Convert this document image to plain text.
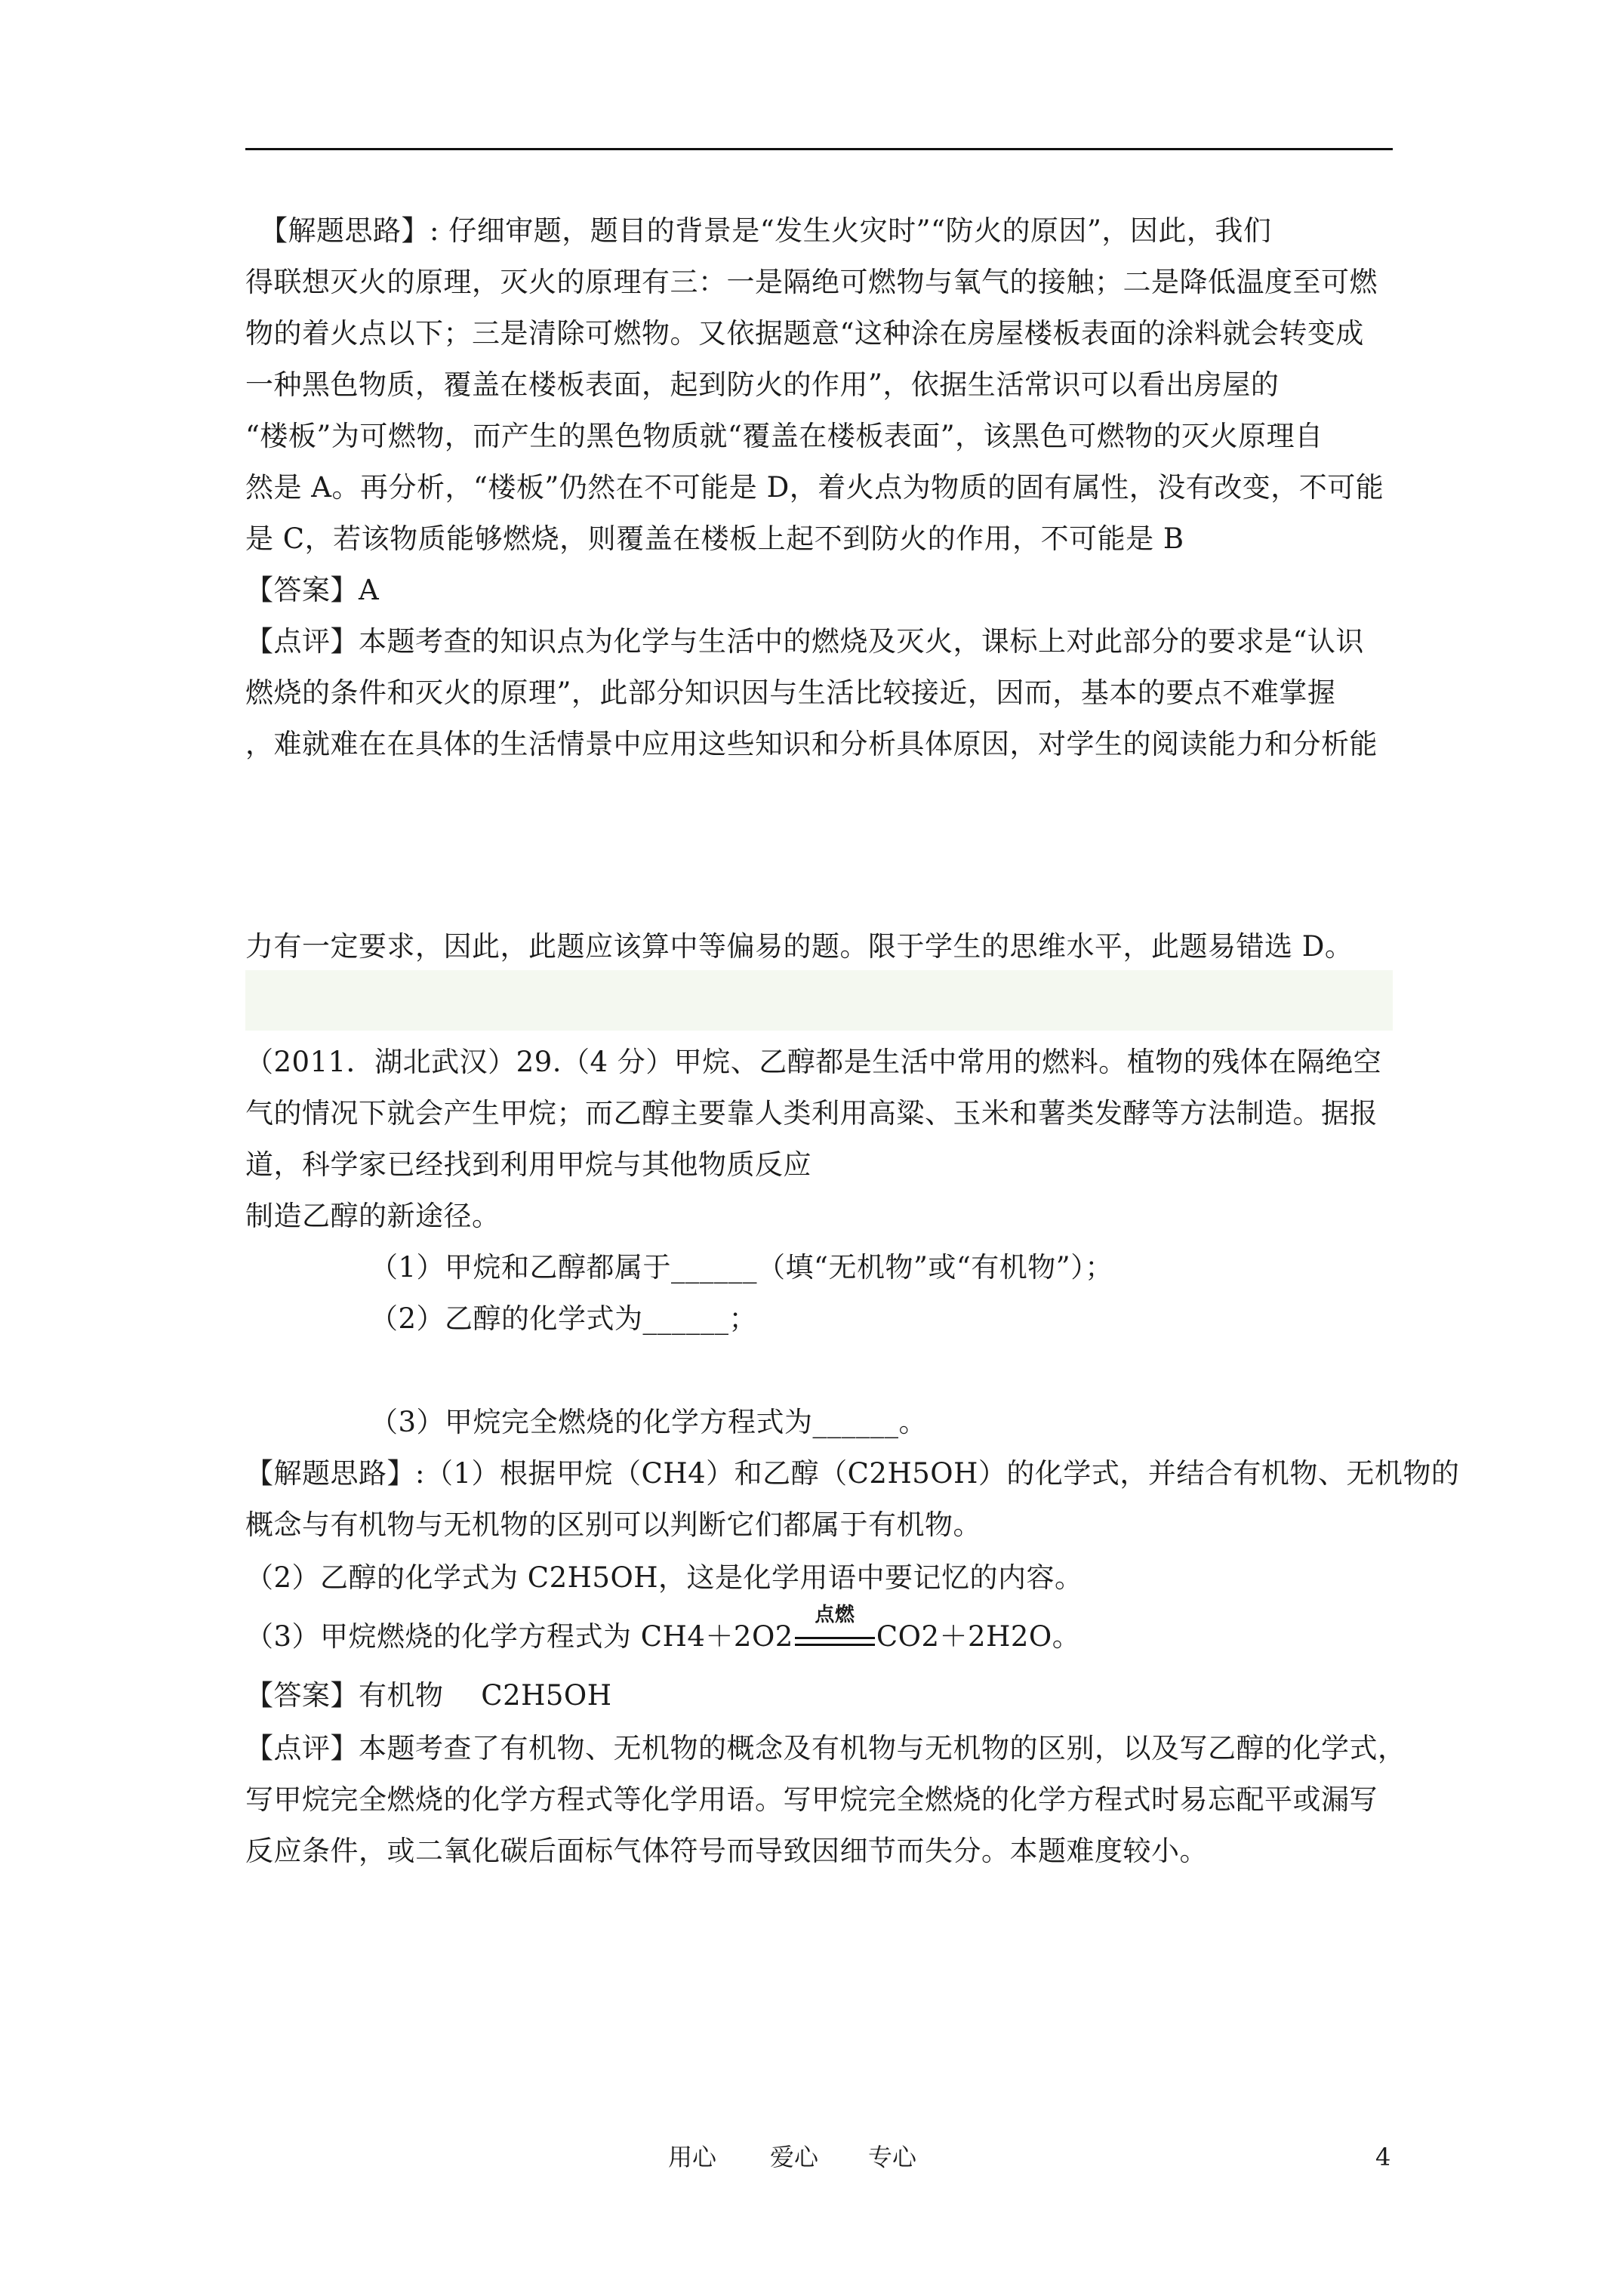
　【解题思路】: 仔细审题，题目的背景是“发生火灾时”“防火的原因”，因此，我们
得联想灭火的原理，灭火的原理有三：一是隔绝可燃物与氧气的接触；二是降低温度至可燃
物的着火点以下；三是清除可燃物。又依据题意“这种涂在房屋楼板表面的涂料就会转变成
一种黑色物质，覆盖在楼板表面，起到防火的作用”，依据生活常识可以看出房屋的
“楼板”为可燃物，而产生的黑色物质就“覆盖在楼板表面”，该黑色可燃物的灭火原理自
然是 A。再分析，“楼板”仍然在不可能是 D，着火点为物质的固有属性，没有改变，不可能
是 C，若该物质能够燃烧，则覆盖在楼板上起不到防火的作用，不可能是 B
【答案】A
【点评】本题考查的知识点为化学与生活中的燃烧及灭火，课标上对此部分的要求是“认识
燃烧的条件和灭火的原理”，此部分知识因与生活比较接近，因而，基本的要点不难掌握
，难就难在在具体的生活情景中应用这些知识和分析具体原因，对学生的阅读能力和分析能
力有一定要求，因此，此题应该算中等偏易的题。限于学生的思维水平，此题易错选 D。
（2011．湖北武汉）29.（4 分）甲烷、乙醇都是生活中常用的燃料。植物的残体在隔绝空
气的情况下就会产生甲烷；而乙醇主要靠人类利用高粱、玉米和薯类发酵等方法制造。据报
道，科学家已经找到利用甲烷与其他物质反应
制造乙醇的新途径。
（1）甲烷和乙醇都属于______（填“无机物”或“有机物”）；
（2）乙醇的化学式为______；
（3）甲烷完全燃烧的化学方程式为______。
【解题思路】:（1）根据甲烷（CH4）和乙醇（C2H5OH）的化学式，并结合有机物、无机物的
概念与有机物与无机物的区别可以判断它们都属于有机物。
（2）乙醇的化学式为 C2H5OH，这是化学用语中要记忆的内容。
（3）甲烷燃烧的化学方程式为 CH4＋2O2
点燃
CO2＋2H2O。
【答案】有机物　 C2H5OH
【点评】本题考查了有机物、无机物的概念及有机物与无机物的区别，以及写乙醇的化学式，
写甲烷完全燃烧的化学方程式等化学用语。写甲烷完全燃烧的化学方程式时易忘配平或漏写
反应条件，或二氧化碳后面标气体符号而导致因细节而失分。本题难度较小。
用心 爱心 专心	4
